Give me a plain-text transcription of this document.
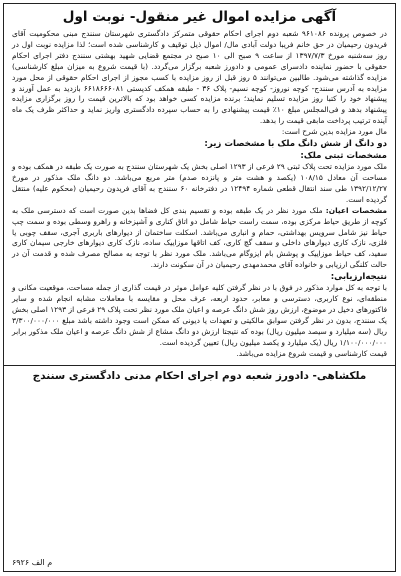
آگهی مزایده اموال غیر منقول- نوبت اول

در خصوص پرونده ۹۶۱۰۸۶ شعبه دوم اجرای احکام حقوقی متمرکز دادگستری شهرستان سنندج مبنی محکومیت آقای فریدون رحیمیان در حق خانم فریبا دولت آبادی مال/ اموال ذیل توقیف و کارشناسی شده است؛ لذا مزایده نوبت اول در روز سه‌شنبه مورخ ۱۳۹۷/۷/۳ از ساعت ۹ صبح الی ۱۰ صبح در مجتمع قضایی شهید بهشتی سنندج دفتر اجرای احکام حقوقی با حضور نماینده دادسرای عمومی و دادورز شعبه برگزار می‌گردد. (با قیمت شروع به میزان مبلغ کارشناسی) مزایده گذاشته می‌شود. طالبین می‌توانند ۵ روز قبل از روز مزایده با کسب مجوز از اجرای احکام حقوقی از محل مورد مزایده به آدرس سنندج- کوچه نوروز- کوچه نسیم- پلاک ۳۶ - طبقه همکف کدپستی ۶۶۱۸۶۶۶۰۸۱ بازدید به عمل آورند و پیشنهاد خود را کتبا روز مزایده تسلیم نمایند؛ برنده مزایده کسی خواهد بود که بالاترین قیمت را روز برگزاری مزایده پیشنهاد بدهد و فی‌المجلس مبلغ ۱۰٪ قیمت پیشنهادی را به حساب سپرده دادگستری واریز نماید و حداکثر ظرف یک ماه آینده ترتیب پرداخت مابقی قیمت را بدهد.

مال مورد مزایده بدین شرح است:

دو دانگ از شش دانگ ملک با مشخصات زیر:

مشخصات ثبتی ملک:

ملک مورد مزایده تحت پلاک ثبتی ۲۹ فرعی از ۱۲۹۳ اصلی بخش یک شهرستان سنندج به صورت یک طبقه در همکف بوده و مساحت آن معادل ۱۰۸/۱۵ (یکصد و هشت متر و پانزده صدم) متر مربع می‌باشد. دو دانگ ملک مذکور در مورخ ۱۳۹۲/۱۲/۲۷ طی سند انتقال قطعی شماره ۱۲۴۹۴ در دفترخانه ۶۰ سنندج به آقای فریدون رحیمیان (محکوم علیه) منتقل گردیده است.

مشخصات اعیان: ملک مورد نظر در یک طبقه بوده و تقسیم بندی کل فضاها بدین صورت است که دسترسی ملک به کوچه از طریق حیاط مرکزی بوده، سمت راست حیاط شامل دو اتاق کناری و آشپزخانه و راهرو وسطی بوده و سمت چپ حیاط نیز شامل سرویس بهداشتی، حمام و انباری می‌باشد. اسکلت ساختمان از دیوارهای باربری آجری، سقف چوبی یا فلزی، نازک کاری دیوارهای داخلی و سقف گچ کاری، کف اتاقها موزاییک ساده، نازک کاری دیوارهای خارجی سیمان کاری سفید، کف حیاط موزاییک و پوشش بام ایزوگام می‌باشد. ملک مورد نظر با توجه به مصالح مصرف شده و قدمت آن در حالت کلنگی ارزیابی و خانواده آقای محمدمهدی رحیمیان در آن سکونت دارند.

نتیجه‌ارزیابی:

با توجه به کل موارد مذکور در فوق با در نظر گرفتن کلیه عوامل موثر در قیمت گذاری از جمله مساحت، موقعیت مکانی و منطقه‌ای، نوع کاربری، دسترسی و معابر، حدود اربعه، عرف محل و مقایسه با معاملات مشابه انجام شده و سایر فاکتورهای دخیل در موضوع، ارزش روز شش دانگ عرصه و اعیان ملک مورد نظر تحت پلاک ۲۹ فرعی از ۱۲۹۳ اصلی بخش یک سنندج، بدون در نظر گرفتن سوابق مالکیتی و تعهدات یا دیونی که ممکن است وجود داشته باشد مبلغ ۳/۳۰۰/۰۰۰/۰۰۰ ریال (سه میلیارد و سیصد میلیون ریال) بوده که نتیجتا ارزش دو دانگ مشاع از شش دانگ عرصه و اعیان ملک مذکور برابر ۱/۱۰۰/۰۰۰/۰۰۰ ریال (یک میلیارد و یکصد میلیون ریال) تعیین گردیده است.

قیمت کارشناسی و قیمت شروع مزایده می‌باشد.

ملکشاهی- دادورز شعبه دوم اجرای احکام مدنی دادگستری سنندج
م الف ۶۹۲۶
